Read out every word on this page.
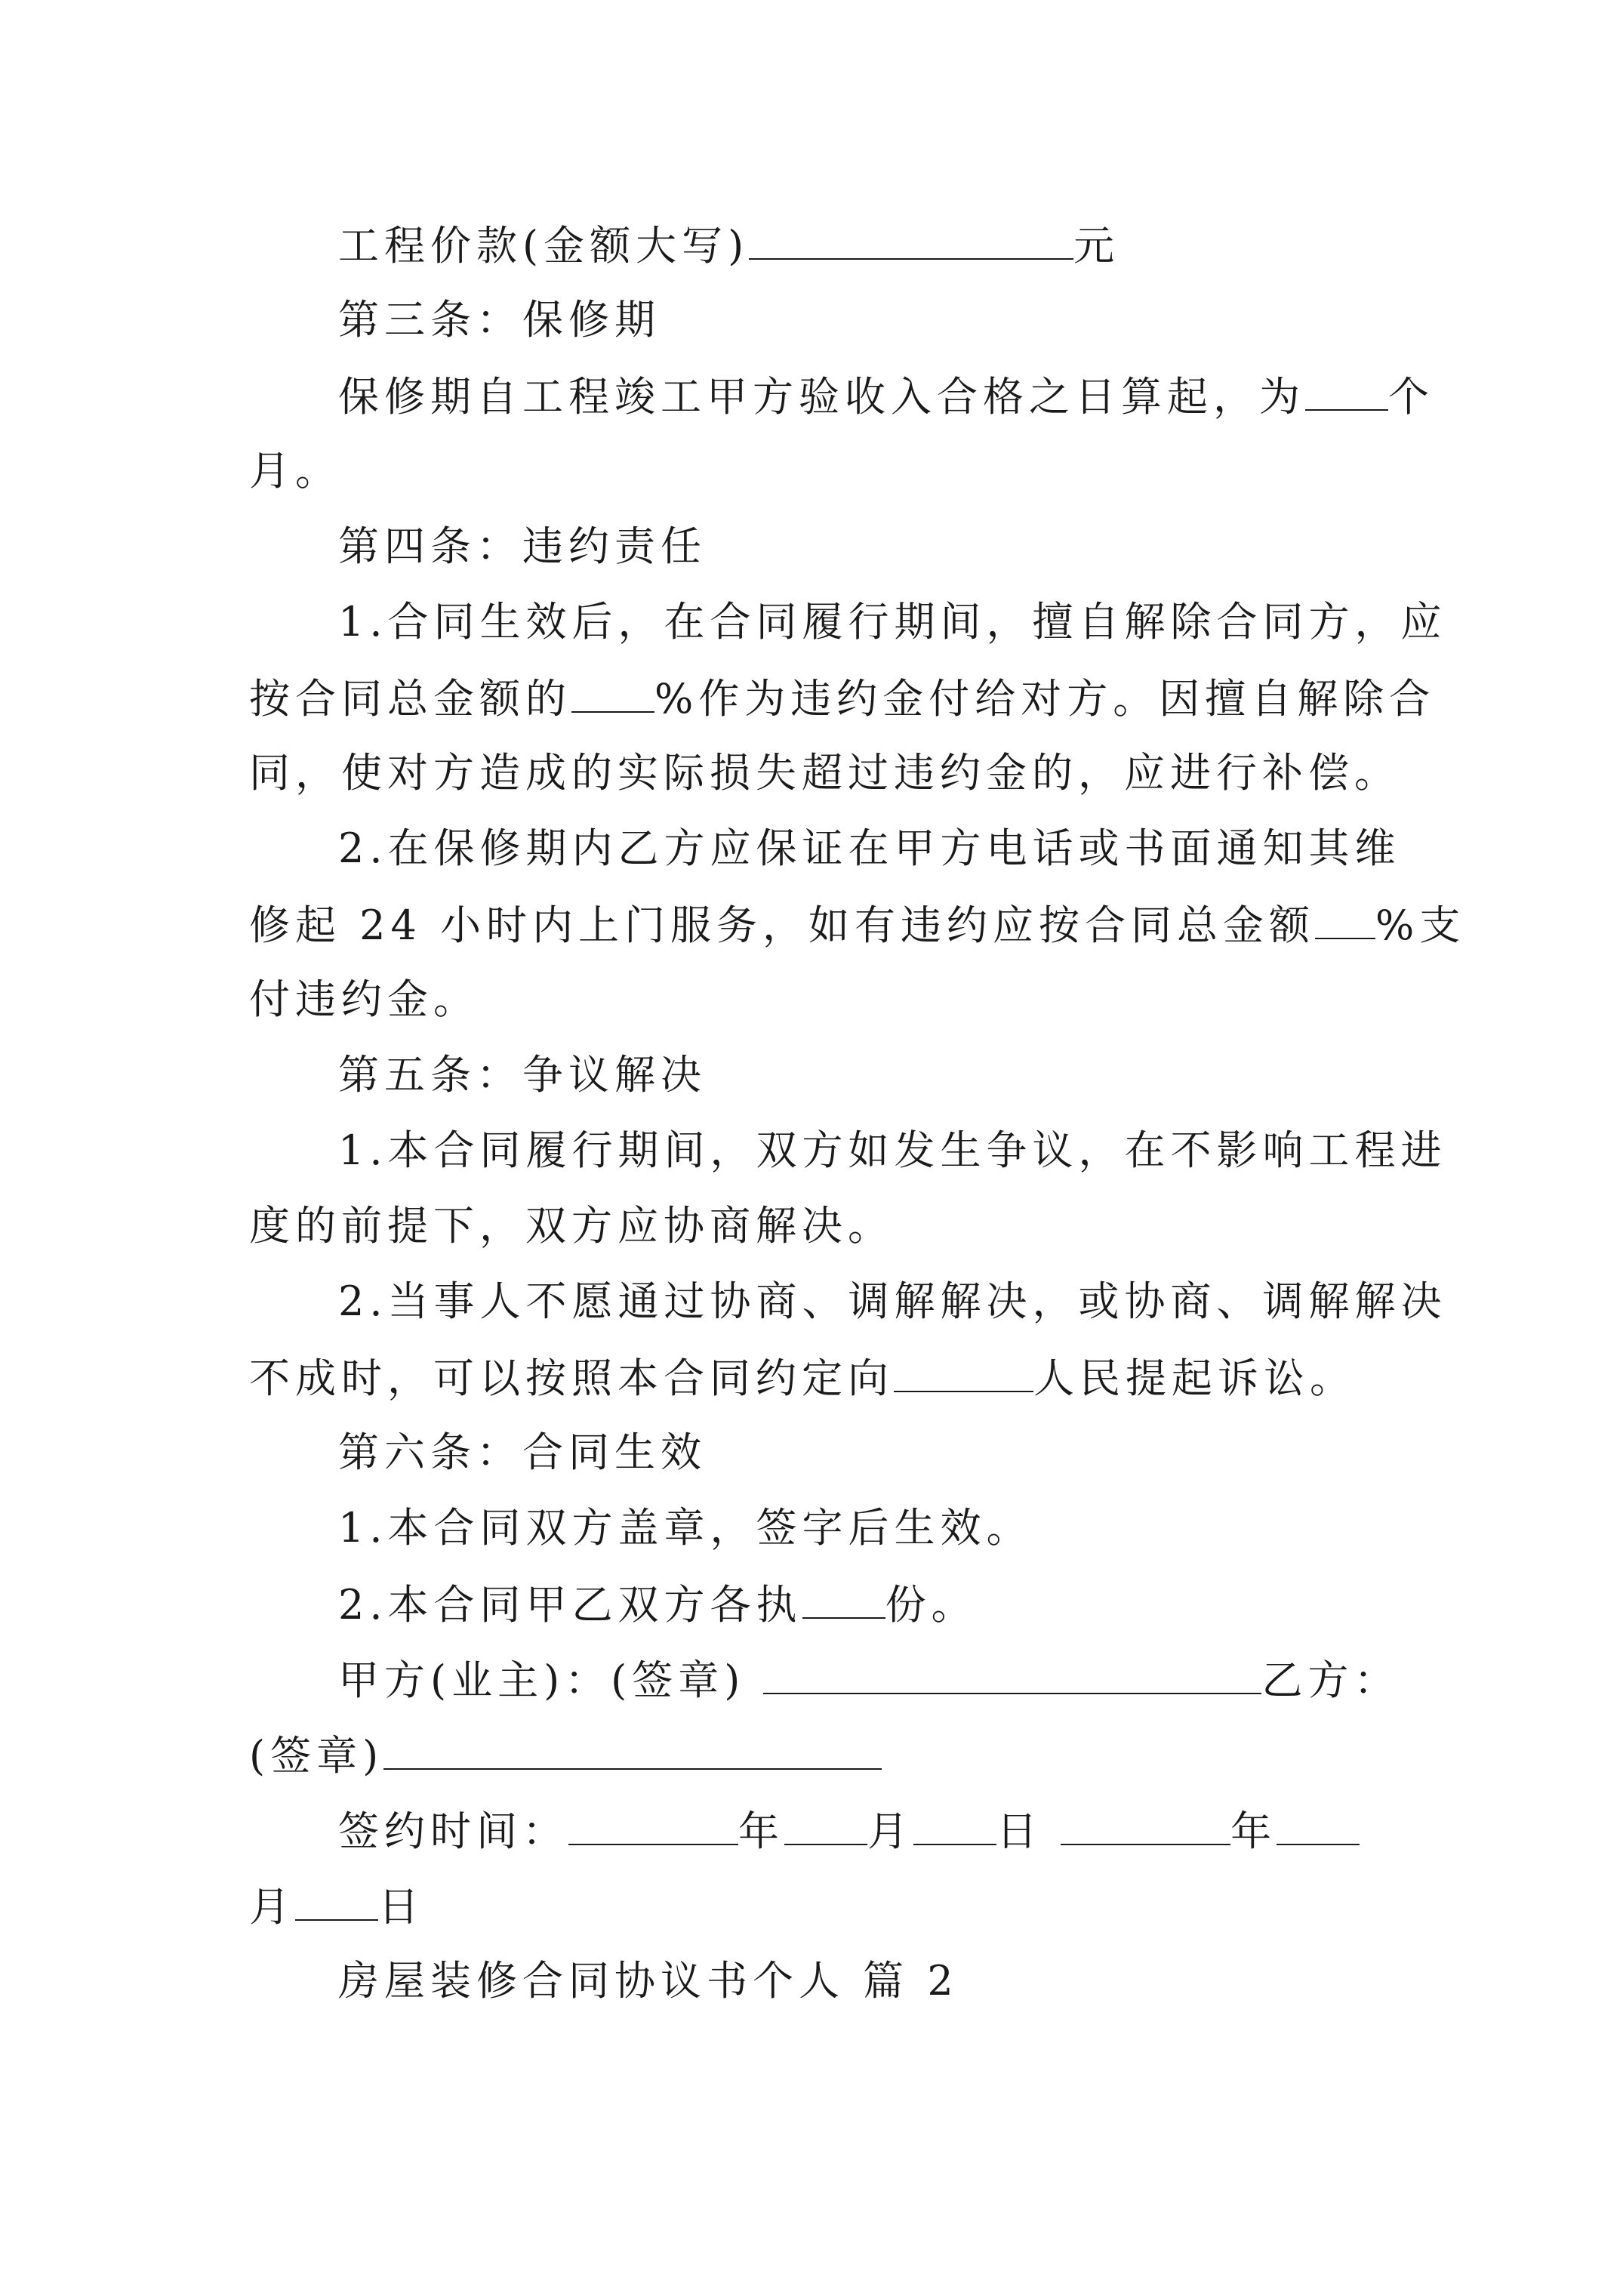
工程价款(金额大写)	元
第三条：保修期
保修期自工程竣工甲方验收入合格之日算起，为 个
月。
第四条：违约责任
1.合同生效后，在合同履行期间，擅自解除合同方，应
按合同总金额的 %作为违约金付给对方。因擅自解除合
同，使对方造成的实际损失超过违约金的，应进行补偿。
2.在保修期内乙方应保证在甲方电话或书面通知其维
修起 24 小时内上门服务，如有违约应按合同总金额 %支
付违约金。
第五条：争议解决
1.本合同履行期间，双方如发生争议，在不影响工程进
度的前提下，双方应协商解决。
2.当事人不愿通过协商、调解解决，或协商、调解解决
不成时，可以按照本合同约定向	人民提起诉讼。
第六条：合同生效
1.本合同双方盖章，签字后生效。
2.本合同甲乙双方各执 份。
甲方(业主)：(签章)	乙方：
(签章)
签约时间：	年 月 日	年
月 日
房屋装修合同协议书个人 篇 2
